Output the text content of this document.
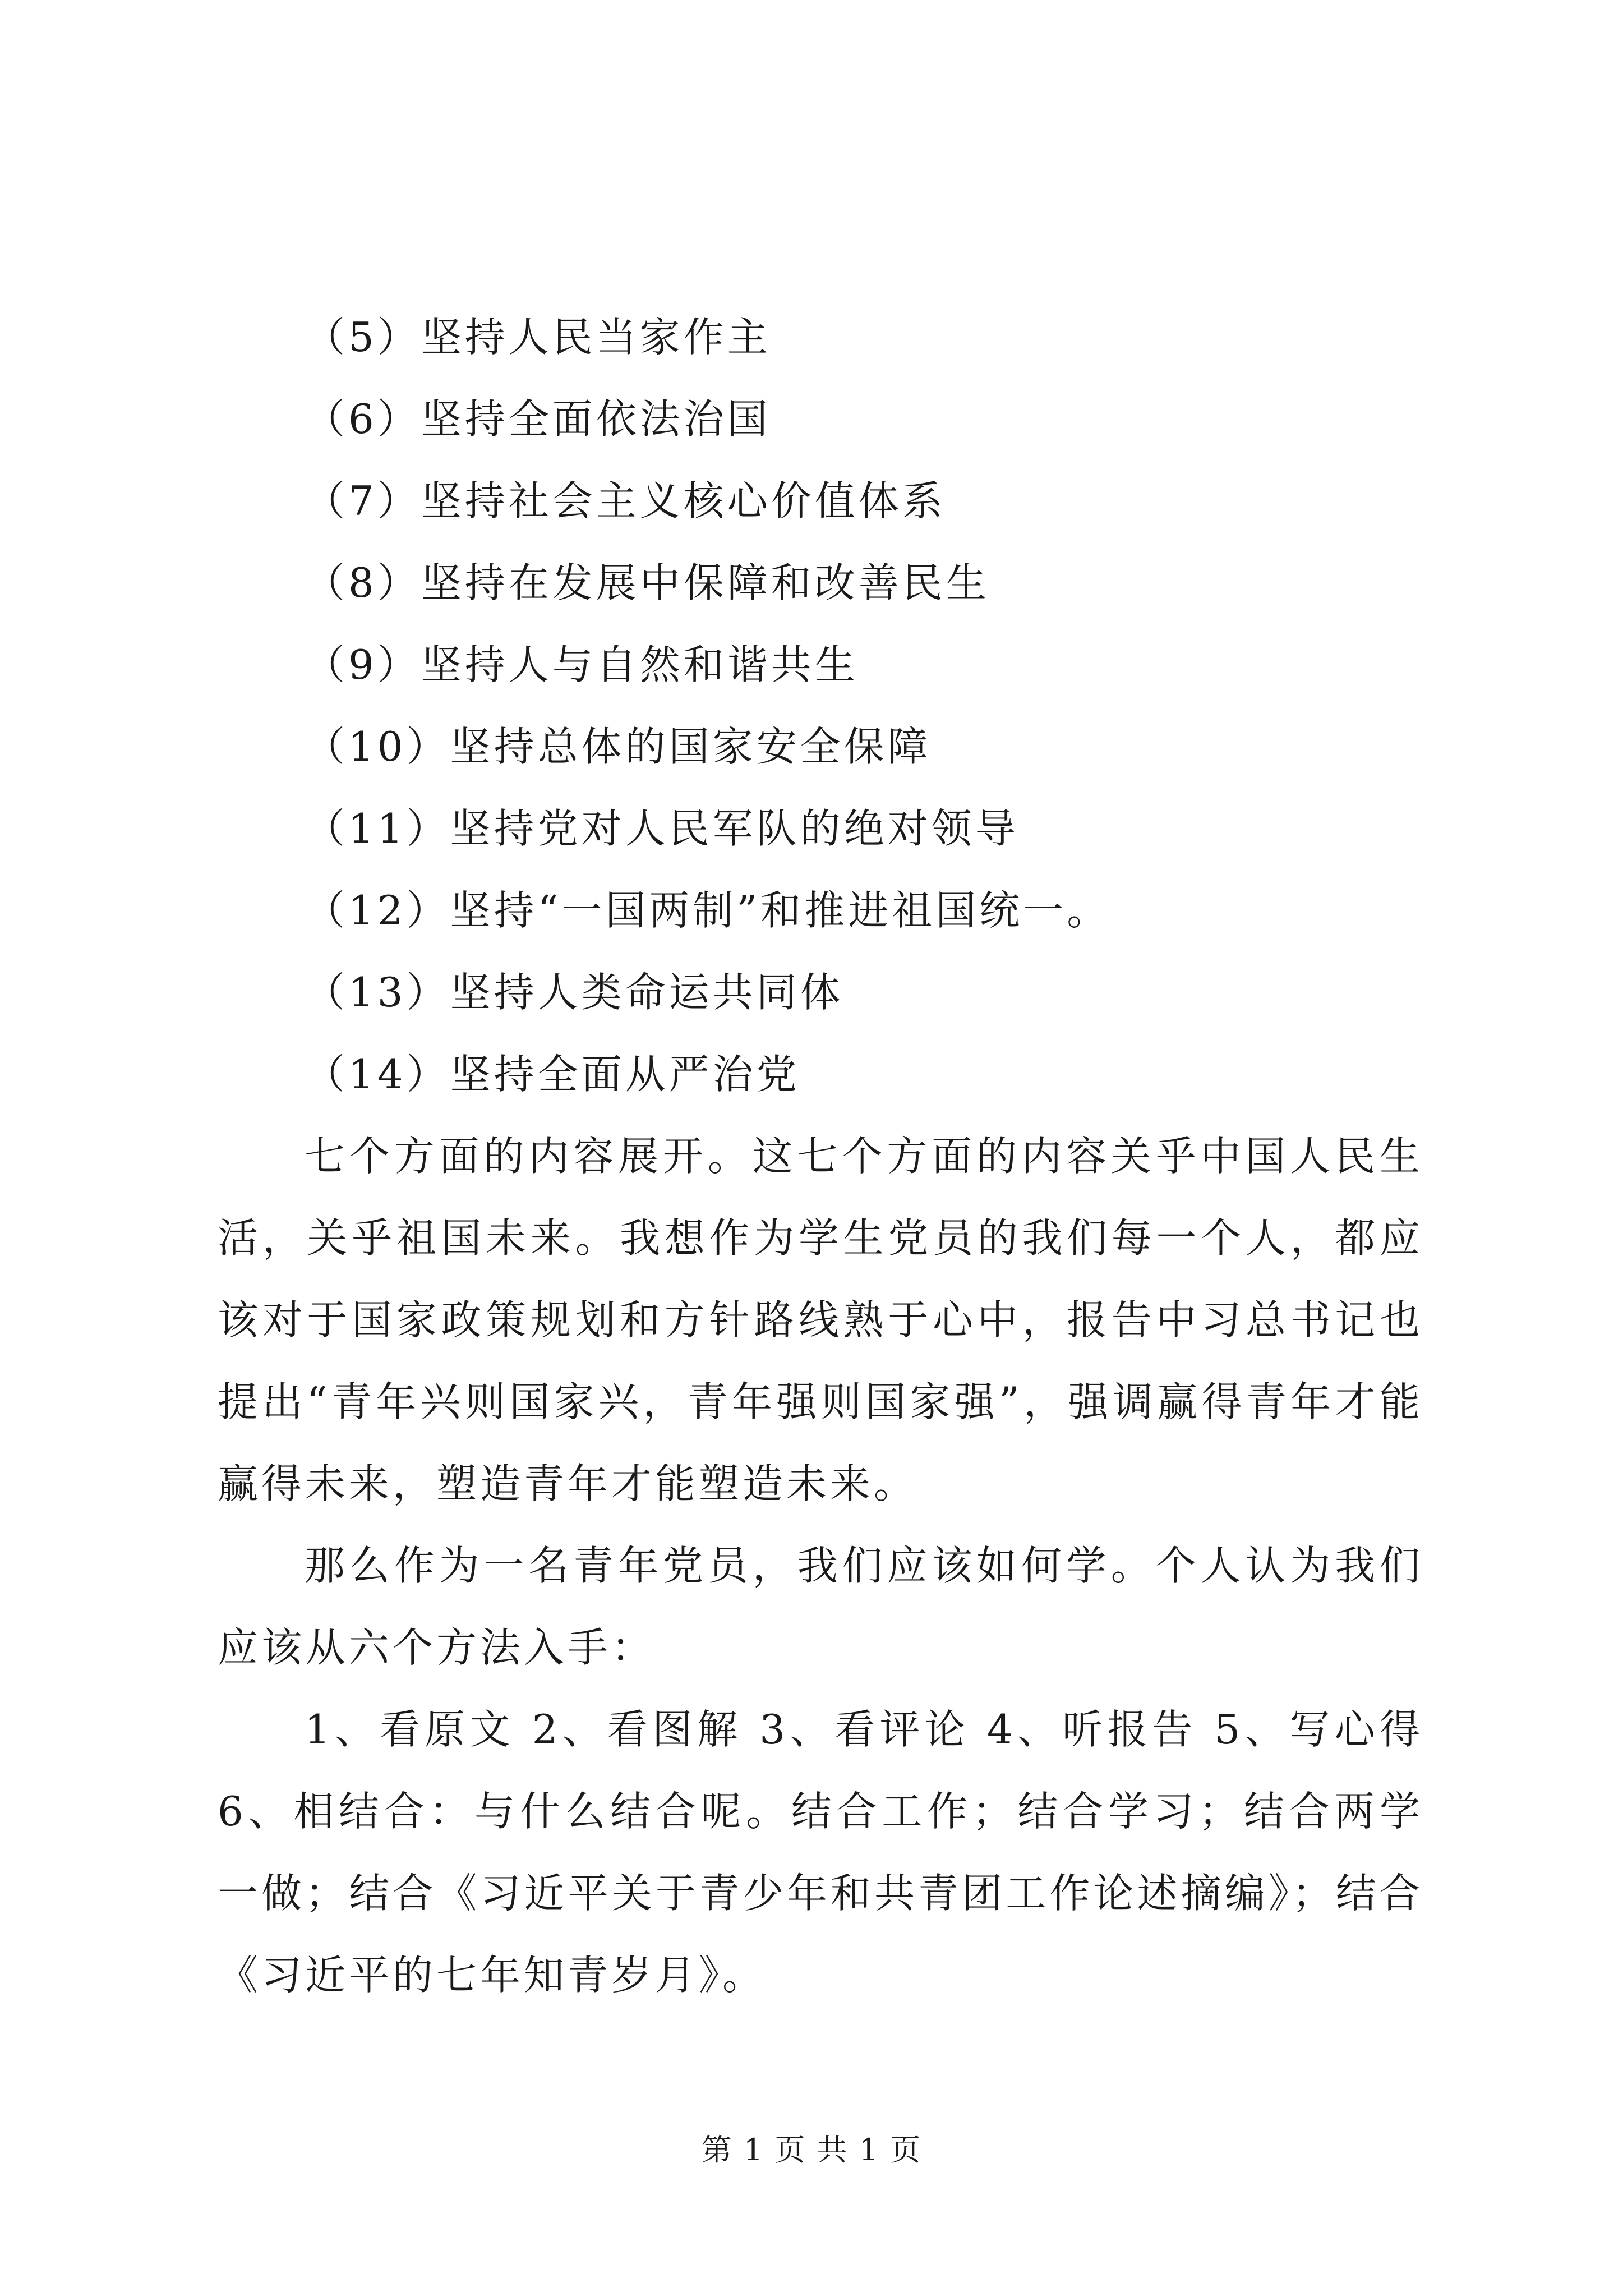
（5）坚持人民当家作主
（6）坚持全面依法治国
（7）坚持社会主义核心价值体系
（8）坚持在发展中保障和改善民生
（9）坚持人与自然和谐共生
（10）坚持总体的国家安全保障
（11）坚持党对人民军队的绝对领导
（12）坚持“一国两制”和推进祖国统一。
（13）坚持人类命运共同体
（14）坚持全面从严治党

七个方面的内容展开。这七个方面的内容关乎中国人民生活，关乎祖国未来。我想作为学生党员的我们每一个人，都应该对于国家政策规划和方针路线熟于心中，报告中习总书记也提出“青年兴则国家兴，青年强则国家强”，强调赢得青年才能赢得未来，塑造青年才能塑造未来。

那么作为一名青年党员，我们应该如何学。个人认为我们应该从六个方法入手：

1、看原文 2、看图解 3、看评论 4、听报告 5、写心得 6、相结合：与什么结合呢。结合工作；结合学习；结合两学一做；结合《习近平关于青少年和共青团工作论述摘编》；结合《习近平的七年知青岁月》。

第 1 页 共 1 页
